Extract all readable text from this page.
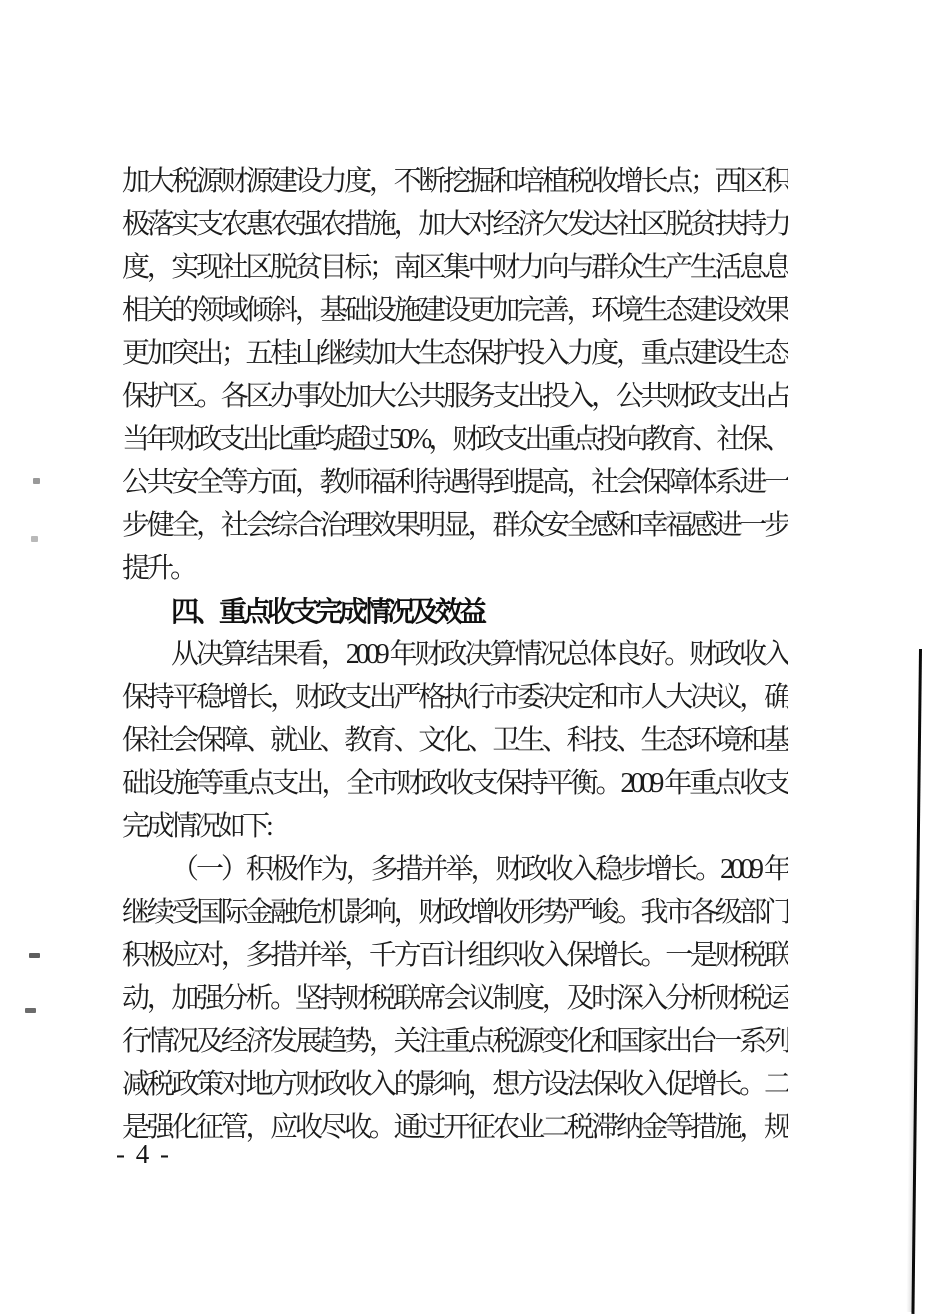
加大税源财源建设力度，不断挖掘和培植税收增长点；西区积
极落实支农惠农强农措施，加大对经济欠发达社区脱贫扶持力
度，实现社区脱贫目标；南区集中财力向与群众生产生活息息
相关的领域倾斜，基础设施建设更加完善，环境生态建设效果
更加突出；五桂山继续加大生态保护投入力度，重点建设生态
保护区。各区办事处加大公共服务支出投入，公共财政支出占
当年财政支出比重均超过 50%，财政支出重点投向教育、社保、
公共安全等方面，教师福利待遇得到提高，社会保障体系进一
步健全，社会综合治理效果明显，群众安全感和幸福感进一步
提升。
四、重点收支完成情况及效益
从决算结果看，2009 年财政决算情况总体良好。财政收入
保持平稳增长，财政支出严格执行市委决定和市人大决议，确
保社会保障、就业、教育、文化、卫生、科技、生态环境和基
础设施等重点支出，全市财政收支保持平衡。2009 年重点收支
完成情况如下:
（一）积极作为，多措并举，财政收入稳步增长。2009 年
继续受国际金融危机影响，财政增收形势严峻。我市各级部门
积极应对，多措并举，千方百计组织收入保增长。一是财税联
动，加强分析。坚持财税联席会议制度，及时深入分析财税运
行情况及经济发展趋势，关注重点税源变化和国家出台一系列
减税政策对地方财政收入的影响，想方设法保收入促增长。二
是强化征管，应收尽收。通过开征农业二税滞纳金等措施，规
- 4 -
